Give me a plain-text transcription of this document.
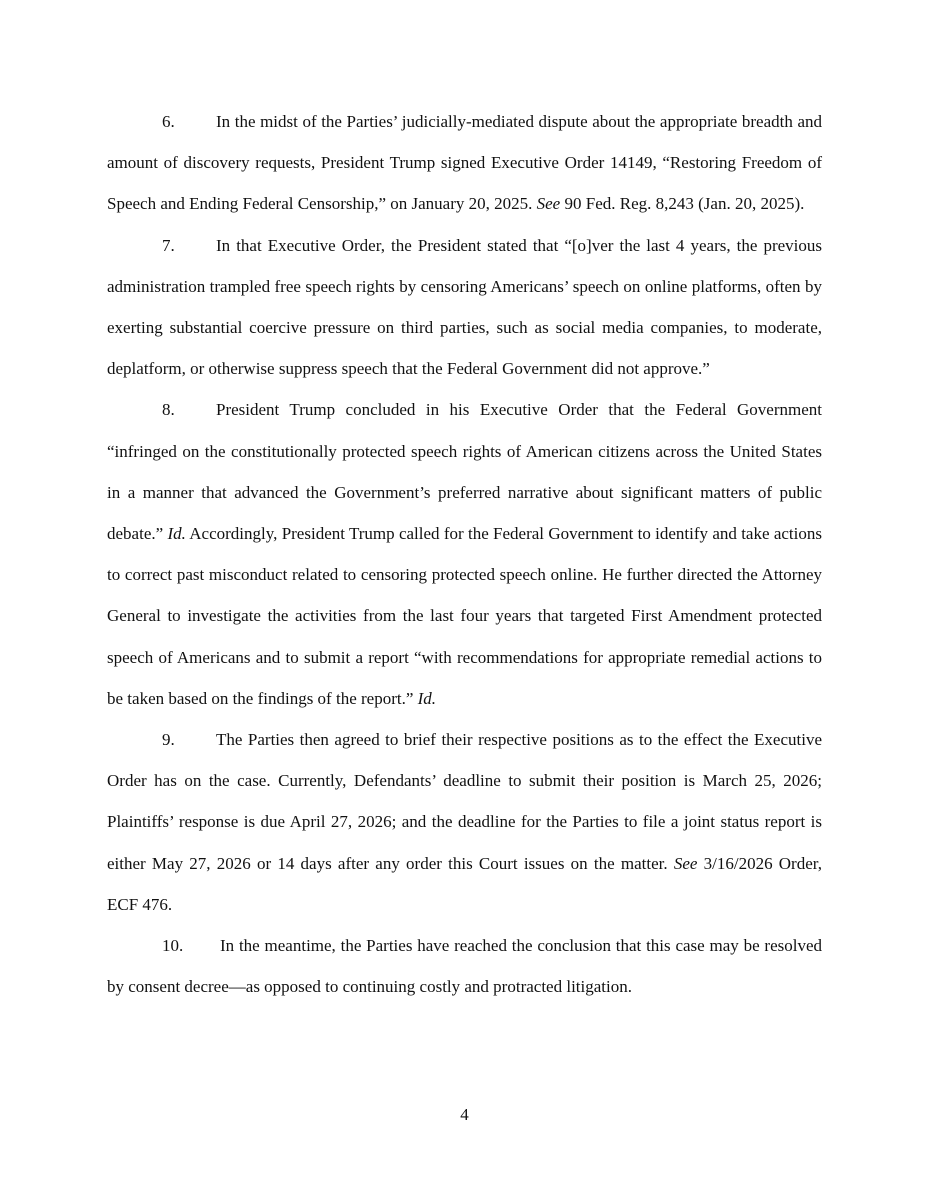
6. In the midst of the Parties’ judicially-mediated dispute about the appropriate breadth and amount of discovery requests, President Trump signed Executive Order 14149, “Restoring Freedom of Speech and Ending Federal Censorship,” on January 20, 2025. See 90 Fed. Reg. 8,243 (Jan. 20, 2025).

7. In that Executive Order, the President stated that “[o]ver the last 4 years, the previous administration trampled free speech rights by censoring Americans’ speech on online platforms, often by exerting substantial coercive pressure on third parties, such as social media companies, to moderate, deplatform, or otherwise suppress speech that the Federal Government did not approve.”

8. President Trump concluded in his Executive Order that the Federal Government “infringed on the constitutionally protected speech rights of American citizens across the United States in a manner that advanced the Government’s preferred narrative about significant matters of public debate.” Id. Accordingly, President Trump called for the Federal Government to identify and take actions to correct past misconduct related to censoring protected speech online. He further directed the Attorney General to investigate the activities from the last four years that targeted First Amendment protected speech of Americans and to submit a report “with recommendations for appropriate remedial actions to be taken based on the findings of the report.” Id.

9. The Parties then agreed to brief their respective positions as to the effect the Executive Order has on the case. Currently, Defendants’ deadline to submit their position is March 25, 2026; Plaintiffs’ response is due April 27, 2026; and the deadline for the Parties to file a joint status report is either May 27, 2026 or 14 days after any order this Court issues on the matter. See 3/16/2026 Order, ECF 476.

10. In the meantime, the Parties have reached the conclusion that this case may be resolved by consent decree—as opposed to continuing costly and protracted litigation.

4
